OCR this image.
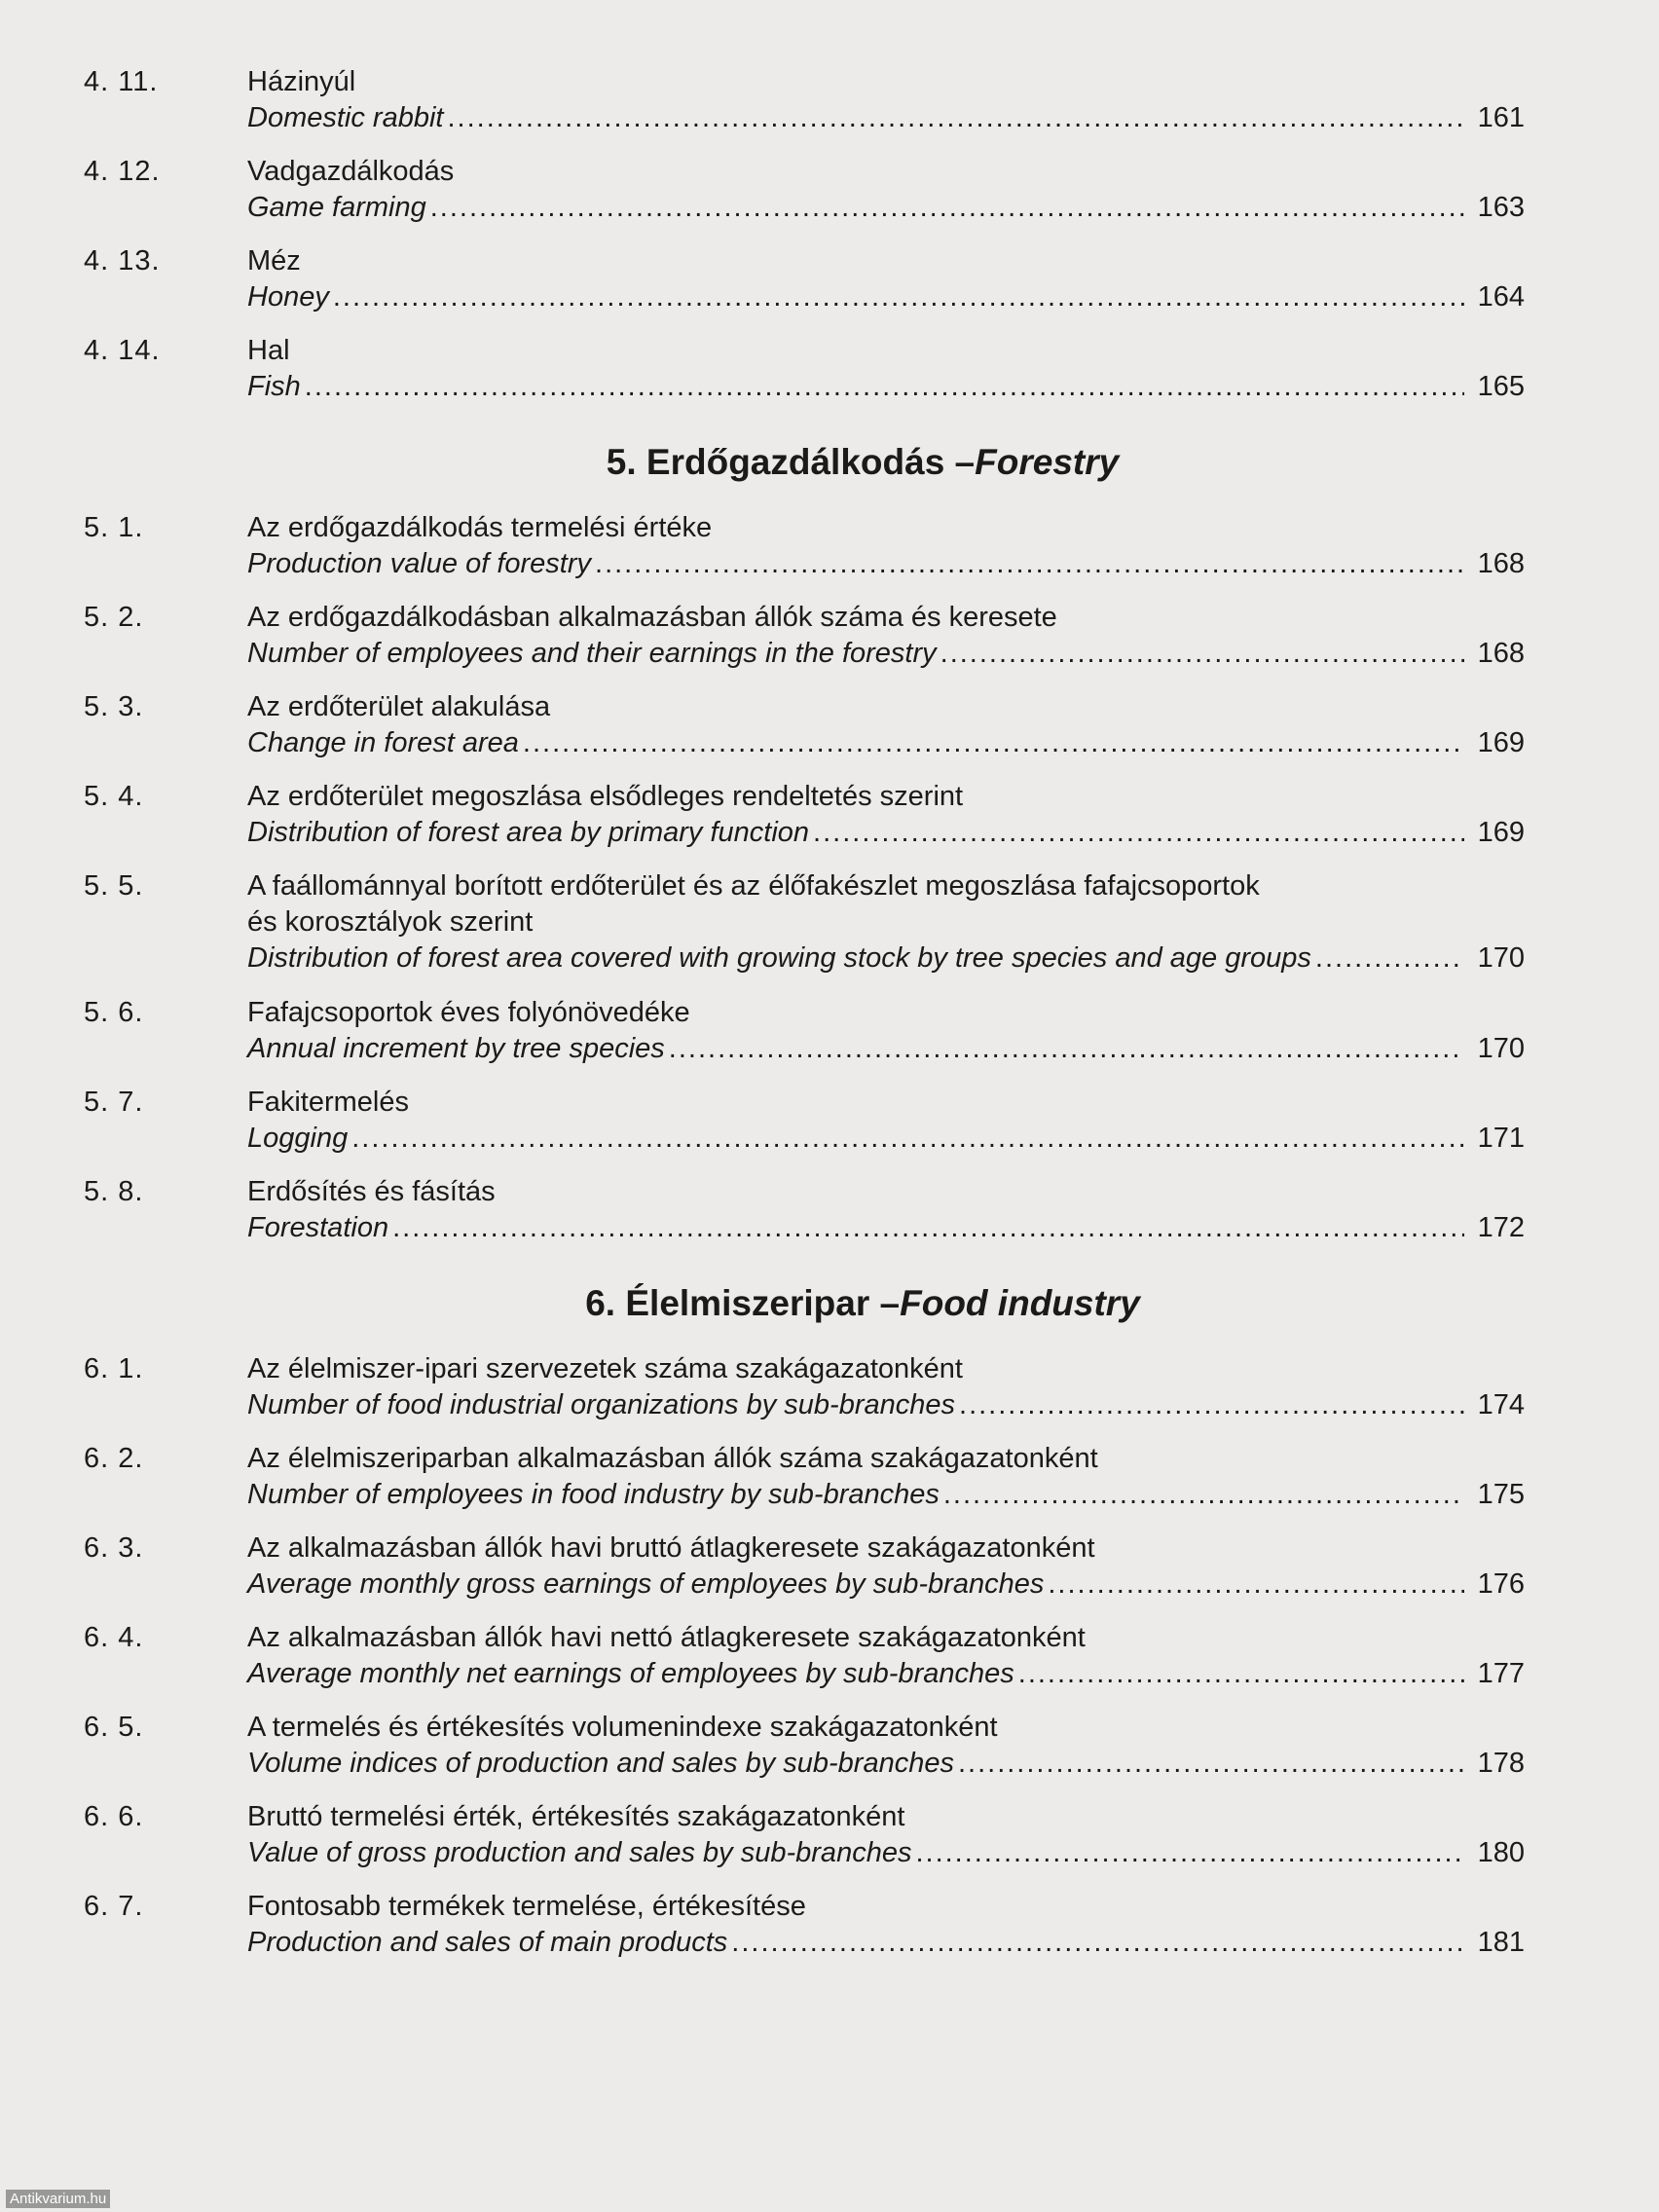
4. 11.	Házinyúl
Domestic rabbit .....	161
4. 12.	Vadgazdálkodás
Game farming .....	163
4. 13.	Méz
Honey .....	164
4. 14.	Hal
Fish .....	165
5. Erdőgazdálkodás – Forestry
5. 1.	Az erdőgazdálkodás termelési értéke
Production value of forestry .....	168
5. 2.	Az erdőgazdálkodásban alkalmazásban állók száma és keresete
Number of employees and their earnings in the forestry .....	168
5. 3.	Az erdőterület alakulása
Change in forest area .....	169
5. 4.	Az erdőterület megoszlása elsődleges rendeltetés szerint
Distribution of forest area by primary function .....	169
5. 5.	A faállománnyal borított erdőterület és az élőfakészlet megoszlása fafajcsoportok
és korosztályok szerint
Distribution of forest area covered with growing stock by tree species and age groups .....	170
5. 6.	Fafajcsoportok éves folyónövedéke
Annual increment by tree species .....	170
5. 7.	Fakitermelés
Logging .....	171
5. 8.	Erdősítés és fásítás
Forestation .....	172
6. Élelmiszeripar – Food industry
6. 1.	Az élelmiszer-ipari szervezetek száma szakágazatonként
Number of food industrial organizations by sub-branches .....	174
6. 2.	Az élelmiszeriparban alkalmazásban állók száma szakágazatonként
Number of employees in food industry by sub-branches .....	175
6. 3.	Az alkalmazásban állók havi bruttó átlagkeresete szakágazatonként
Average monthly gross earnings of employees by sub-branches .....	176
6. 4.	Az alkalmazásban állók havi nettó átlagkeresete szakágazatonként
Average monthly net earnings of employees by sub-branches .....	177
6. 5.	A termelés és értékesítés volumenindexe szakágazatonként
Volume indices of production and sales by sub-branches .....	178
6. 6.	Bruttó termelési érték, értékesítés szakágazatonként
Value of gross production and sales by sub-branches .....	180
6. 7.	Fontosabb termékek termelése, értékesítése
Production and sales of main products .....	181
Antikvarium.hu
